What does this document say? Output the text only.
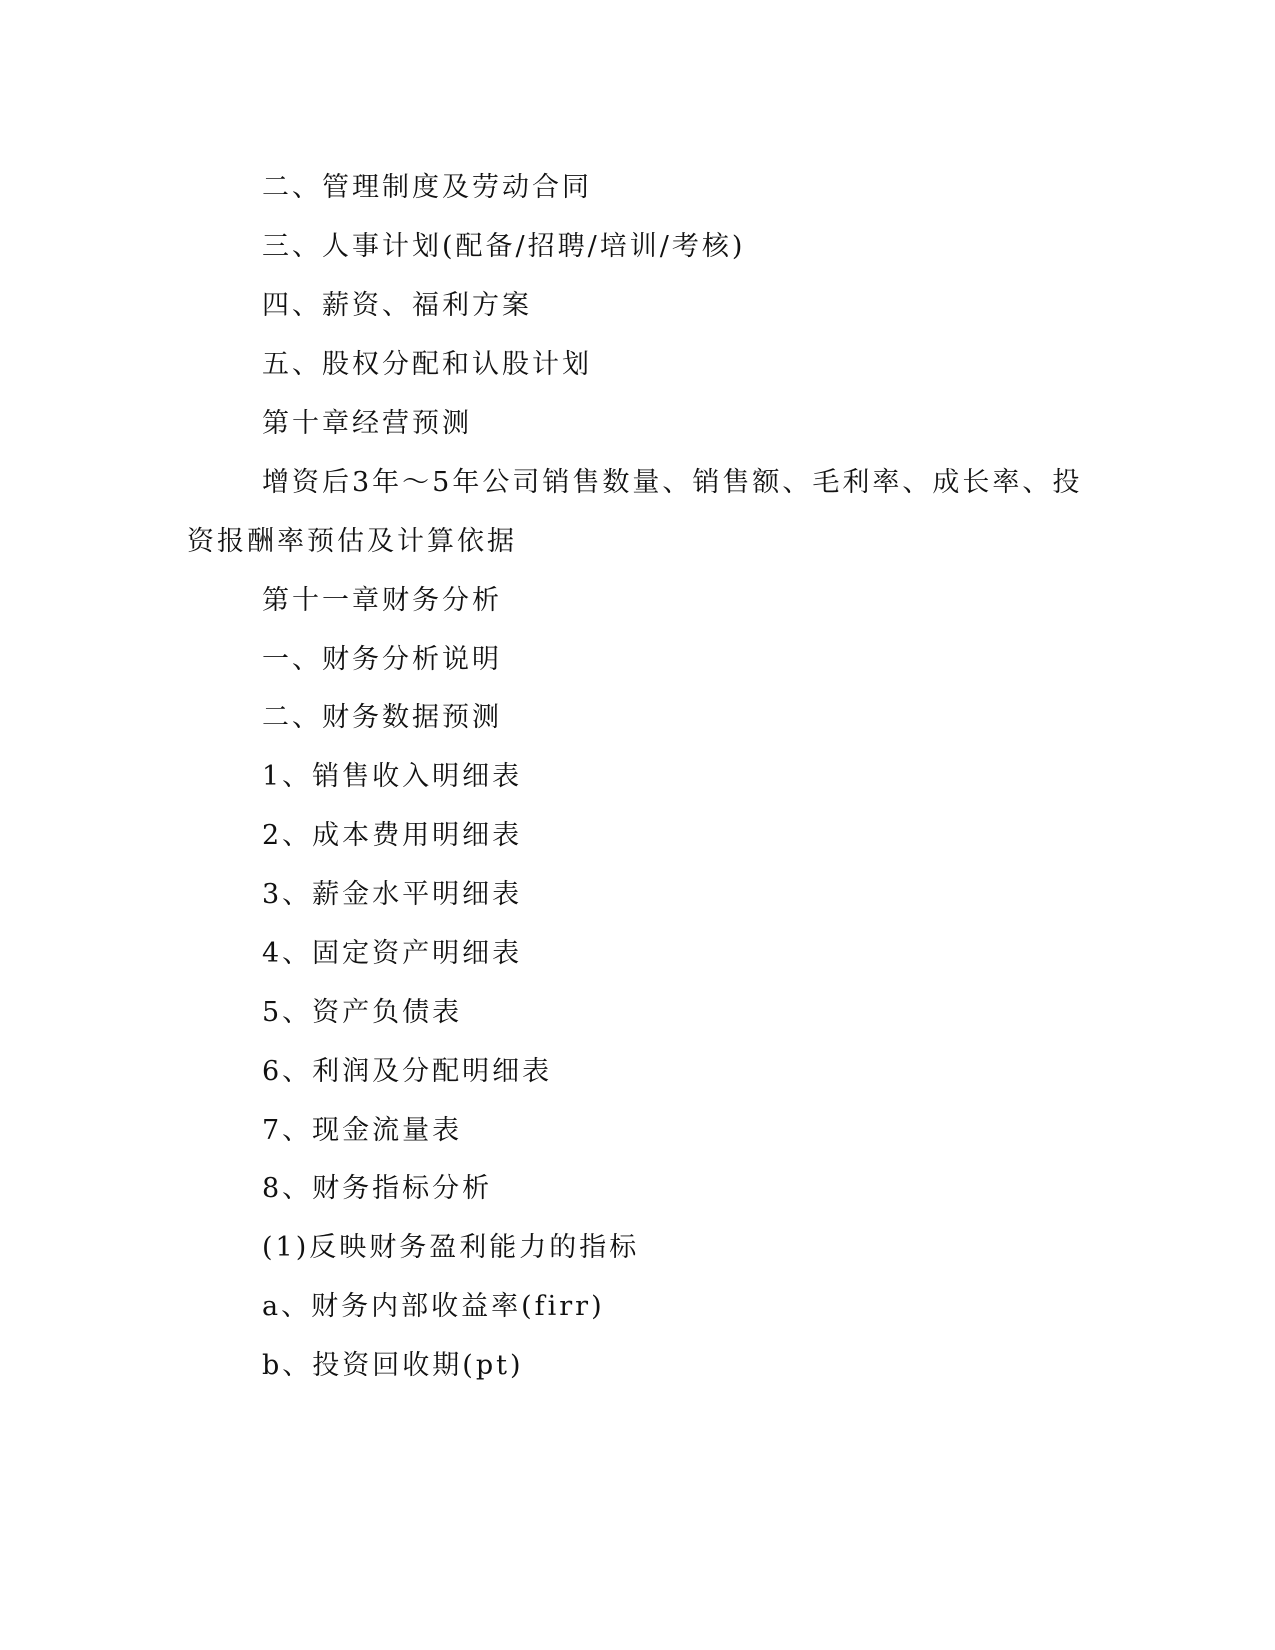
二、管理制度及劳动合同
三、人事计划(配备/招聘/培训/考核)
四、薪资、福利方案
五、股权分配和认股计划
第十章经营预测
增资后3年～5年公司销售数量、销售额、毛利率、成长率、投
资报酬率预估及计算依据
第十一章财务分析
一、财务分析说明
二、财务数据预测
1、销售收入明细表
2、成本费用明细表
3、薪金水平明细表
4、固定资产明细表
5、资产负债表
6、利润及分配明细表
7、现金流量表
8、财务指标分析
(1)反映财务盈利能力的指标
a、财务内部收益率(firr)
b、投资回收期(pt)
